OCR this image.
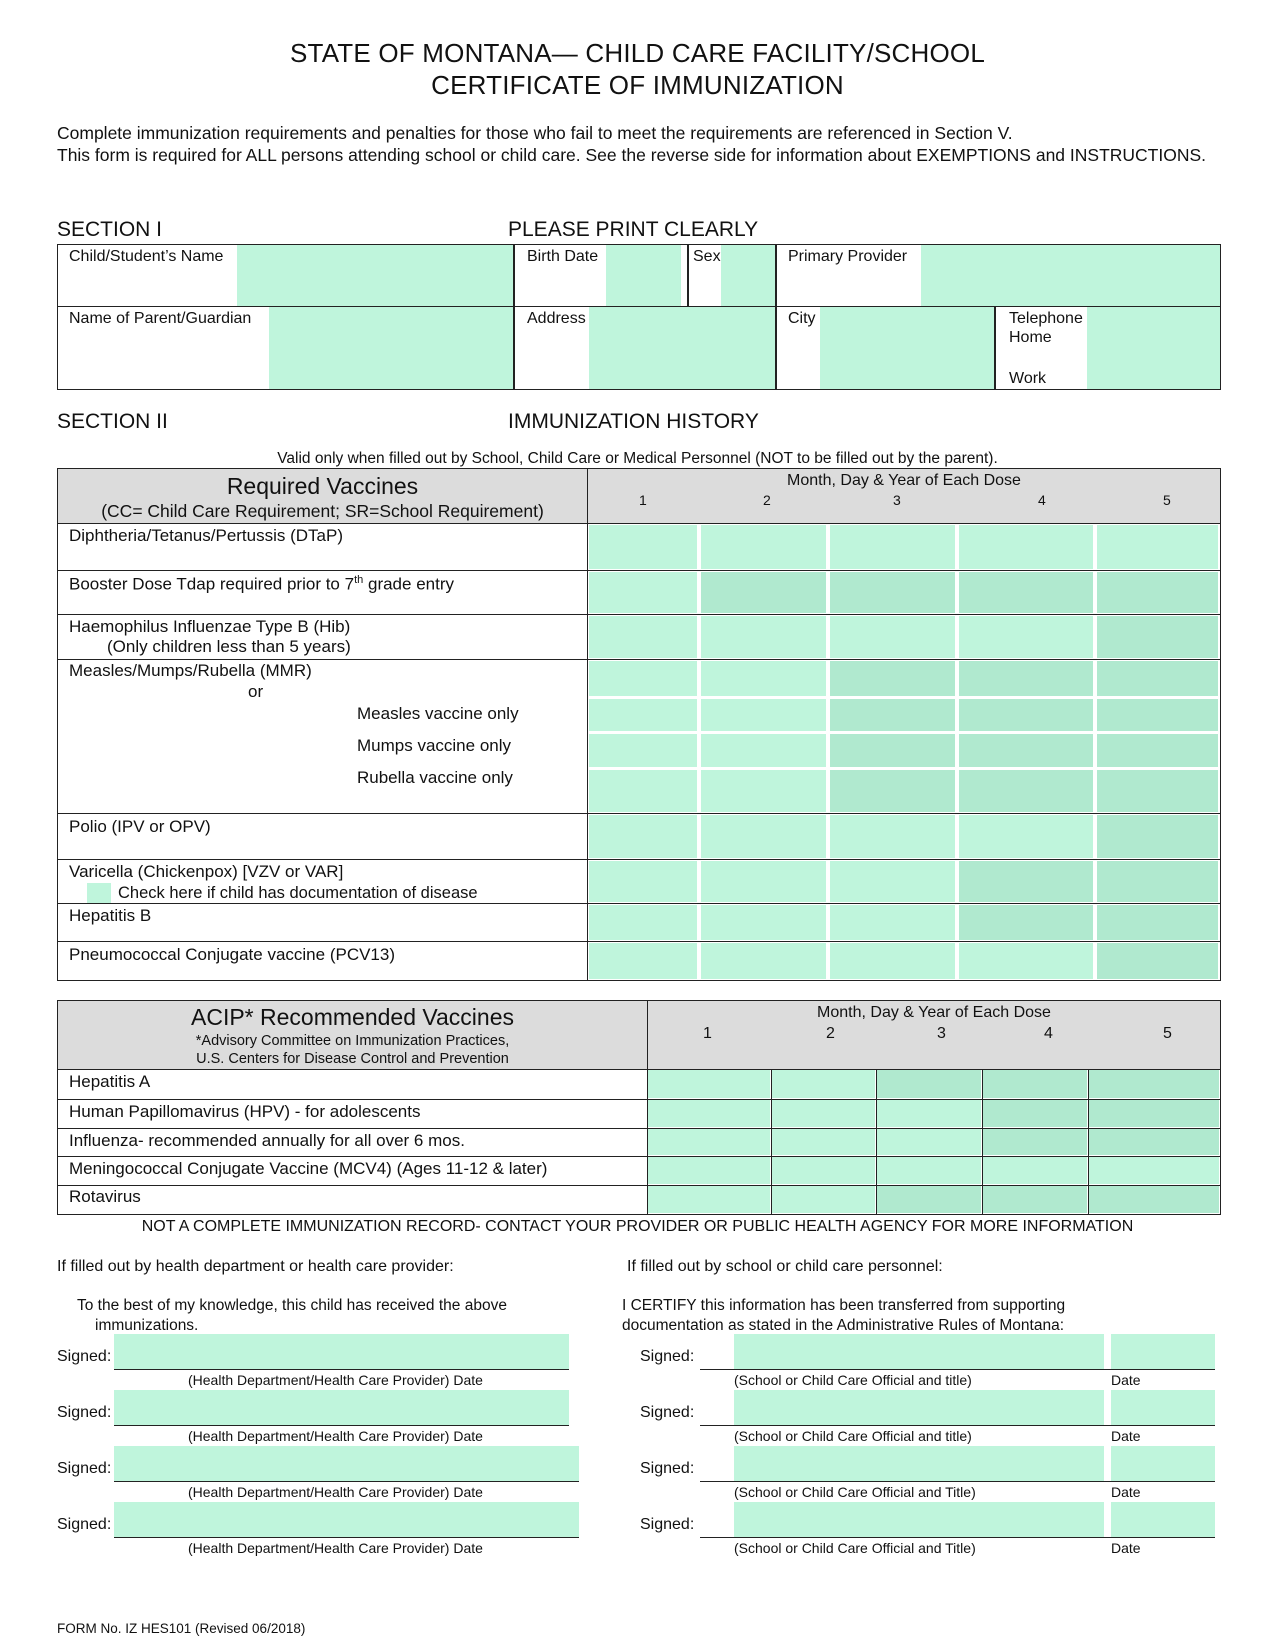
STATE OF MONTANA— CHILD CARE FACILITY/SCHOOL
CERTIFICATE OF IMMUNIZATION
Complete immunization requirements and penalties for those who fail to meet the requirements are referenced in Section V.
This form is required for ALL persons attending school or child care. See the reverse side for information about EXEMPTIONS and INSTRUCTIONS.
SECTION I	PLEASE PRINT CLEARLY
Child/Student’s Name	Birth Date	Sex	Primary Provider
Name of Parent/Guardian	Address	City	Telephone
Home
Work
SECTION II	IMMUNIZATION HISTORY
Valid only when filled out by School, Child Care or Medical Personnel (NOT to be filled out by the parent).
Required Vaccines
(CC= Child Care Requirement; SR=School Requirement)
Month, Day & Year of Each Dose
1	2	3	4	5
Diphtheria/Tetanus/Pertussis (DTaP)
Booster Dose Tdap required prior to 7th grade entry
Haemophilus Influenzae Type B (Hib)
(Only children less than 5 years)
Measles/Mumps/Rubella (MMR)
or
Measles vaccine only
Mumps vaccine only
Rubella vaccine only
Polio (IPV or OPV)
Varicella (Chickenpox) [VZV or VAR]
Check here if child has documentation of disease
Hepatitis B
Pneumococcal Conjugate vaccine (PCV13)
ACIP* Recommended Vaccines
*Advisory Committee on Immunization Practices,
U.S. Centers for Disease Control and Prevention
Month, Day & Year of Each Dose
1	2	3	4	5
Hepatitis A
Human Papillomavirus (HPV) - for adolescents
Influenza- recommended annually for all over 6 mos.
Meningococcal Conjugate Vaccine (MCV4) (Ages 11-12 & later)
Rotavirus
NOT A COMPLETE IMMUNIZATION RECORD- CONTACT YOUR PROVIDER OR PUBLIC HEALTH AGENCY FOR MORE INFORMATION
If filled out by health department or health care provider:
To the best of my knowledge, this child has received the above
immunizations.
If filled out by school or child care personnel:
I CERTIFY this information has been transferred from supporting
documentation as stated in the Administrative Rules of Montana:
Signed:
(Health Department/Health Care Provider) Date
Signed:
(School or Child Care Official and title)	Date
Signed:
(Health Department/Health Care Provider) Date
Signed:
(School or Child Care Official and title)	Date
Signed:
(Health Department/Health Care Provider) Date
Signed:
(School or Child Care Official and Title)	Date
Signed:
(Health Department/Health Care Provider) Date
Signed:
(School or Child Care Official and Title)	Date
FORM No. IZ HES101 (Revised 06/2018)
